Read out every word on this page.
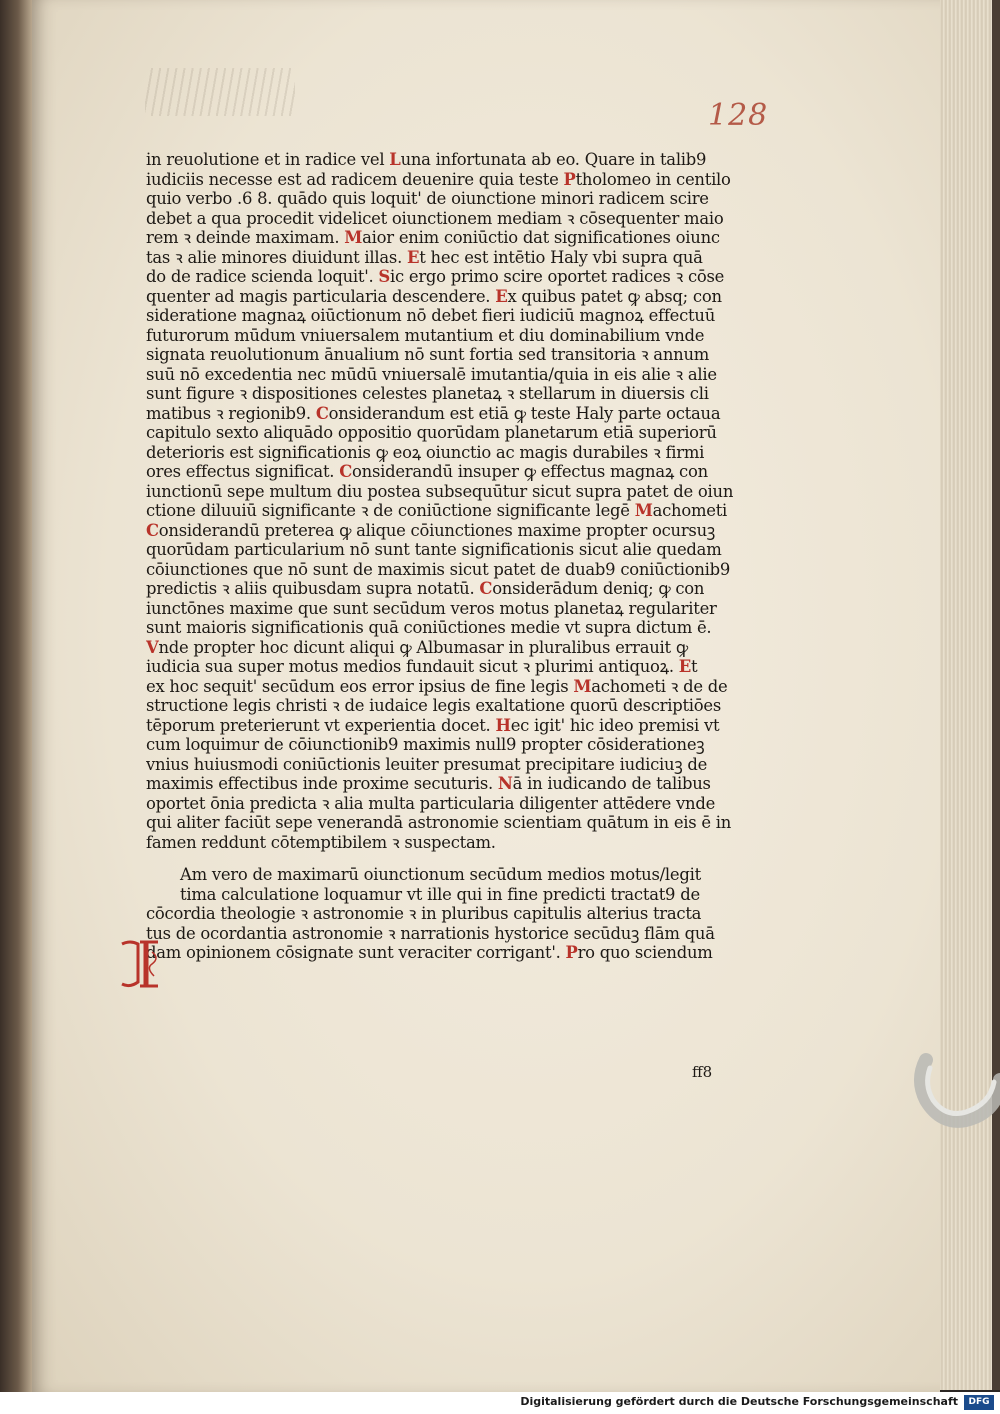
128
in reuolutione et in radice vel Luna infortunata ab eo. Quare in talib9
iudiciis necesse est ad radicem deuenire quia teste Ptholomeo in centilo
quio verbo .6 8. quādo quis loquit' de oiunctione minori radicem scire
debet a qua procedit videlicet oiunctionem mediam ꝛ cōsequenter maio
rem ꝛ deinde maximam. Maior enim coniūctio dat significationes oiunc
tas ꝛ alie minores diuidunt illas. Et hec est intētio Haly vbi supra quā
do de radice scienda loquit'. Sic ergo primo scire oportet radices ꝛ cōse
quenter ad magis particularia descendere. Ex quibus patet ꝙ absq; con
sideratione magnaꝝ oiūctionum nō debet fieri iudiciū magnoꝝ effectuū
futurorum mūdum vniuersalem mutantium et diu dominabilium vnde
signata reuolutionum ānualium nō sunt fortia sed transitoria ꝛ annum
suū nō excedentia nec mūdū vniuersalē imutantia/quia in eis alie ꝛ alie
sunt figure ꝛ dispositiones celestes planetaꝝ ꝛ stellarum in diuersis cli
matibus ꝛ regionib9. Considerandum est etiā ꝙ teste Haly parte octaua
capitulo sexto aliquādo oppositio quorūdam planetarum etiā superiorū
deterioris est significationis ꝙ eoꝝ oiunctio ac magis durabiles ꝛ firmi
ores effectus significat. Considerandū insuper ꝙ effectus magnaꝝ con
iunctionū sepe multum diu postea subsequūtur sicut supra patet de oiun
ctione diluuiū significante ꝛ de coniūctione significante legē Machometi
Considerandū preterea ꝙ alique cōiunctiones maxime propter ocursuꝫ
quorūdam particularium nō sunt tante significationis sicut alie quedam
cōiunctiones que nō sunt de maximis sicut patet de duab9 coniūctionib9
predictis ꝛ aliis quibusdam supra notatū. Considerādum deniq; ꝙ con
iunctōnes maxime que sunt secūdum veros motus planetaꝝ regulariter
sunt maioris significationis quā coniūctiones medie vt supra dictum ē.
Vnde propter hoc dicunt aliqui ꝙ Albumasar in pluralibus errauit ꝙ
iudicia sua super motus medios fundauit sicut ꝛ plurimi antiquoꝝ. Et
ex hoc sequit' secūdum eos error ipsius de fine legis Machometi ꝛ de de
structione legis christi ꝛ de iudaice legis exaltatione quorū descriptiōes
tēporum preterierunt vt experientia docet. Hec igit' hic ideo premisi vt
cum loquimur de cōiunctionib9 maximis null9 propter cōsiderationeꝫ
vnius huiusmodi coniūctionis leuiter presumat precipitare iudiciuꝫ de
maximis effectibus inde proxime secuturis. Nā in iudicando de talibus
oportet ōnia predicta ꝛ alia multa particularia diligenter attēdere vnde
qui aliter faciūt sepe venerandā astronomie scientiam quātum in eis ē in
famen reddunt cōtemptibilem ꝛ suspectam.
Am vero de maximarū oiunctionum secūdum medios motus/legit
tima calculatione loquamur vt ille qui in fine predicti tractat9 de
cōcordia theologie ꝛ astronomie ꝛ in pluribus capitulis alterius tracta
tus de ocordantia astronomie ꝛ narrationis hystorice secūduꝫ flām quā
dam opinionem cōsignate sunt veraciter corrigant'. Pro quo sciendum
ff8
Digitalisierung gefördert durch die Deutsche Forschungsgemeinschaft	DFG
